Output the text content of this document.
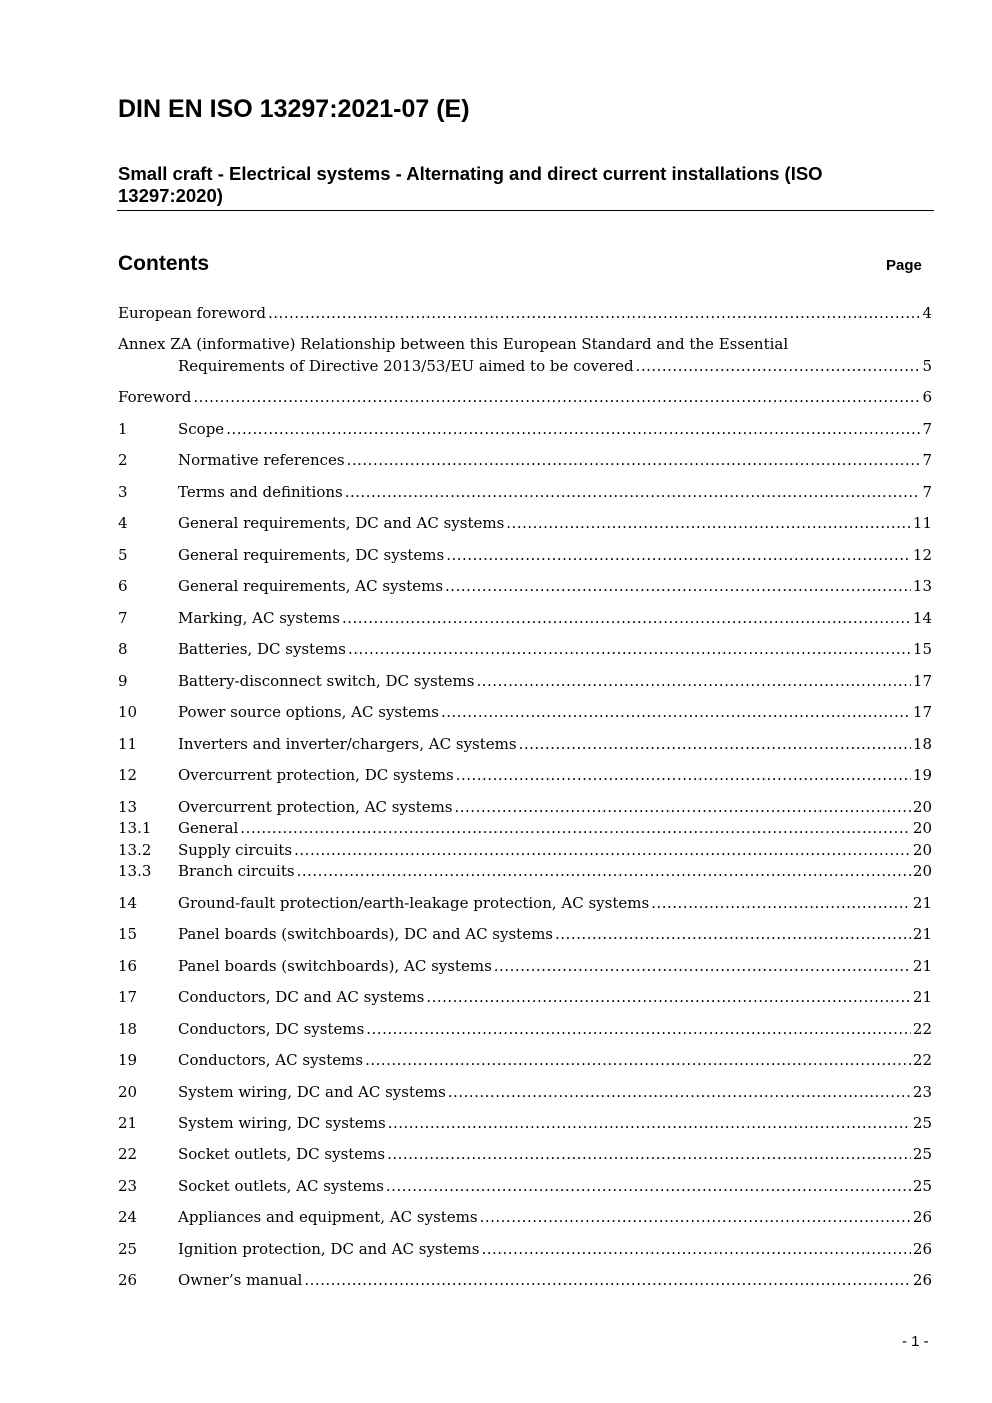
DIN EN ISO 13297:2021-07 (E)
Small craft - Electrical systems - Alternating and direct current installations (ISO 13297:2020)
Contents	Page
European foreword .....	4
Annex ZA (informative) Relationship between this European Standard and the Essential
Requirements of Directive 2013/53/EU aimed to be covered .....	5
Foreword .....	6
1	Scope .....	7
2	Normative references .....	7
3	Terms and definitions .....	7
4	General requirements, DC and AC systems .....	11
5	General requirements, DC systems .....	12
6	General requirements, AC systems .....	13
7	Marking, AC systems .....	14
8	Batteries, DC systems .....	15
9	Battery-disconnect switch, DC systems .....	17
10	Power source options, AC systems .....	17
11	Inverters and inverter/chargers, AC systems .....	18
12	Overcurrent protection, DC systems .....	19
13	Overcurrent protection, AC systems .....	20
13.1 General .....	20
13.2 Supply circuits .....	20
13.3 Branch circuits .....	20
14	Ground-fault protection/earth-leakage protection, AC systems .....	21
15	Panel boards (switchboards), DC and AC systems .....	21
16	Panel boards (switchboards), AC systems .....	21
17	Conductors, DC and AC systems .....	21
18	Conductors, DC systems .....	22
19	Conductors, AC systems .....	22
20	System wiring, DC and AC systems .....	23
21	System wiring, DC systems .....	25
22	Socket outlets, DC systems .....	25
23	Socket outlets, AC systems .....	25
24	Appliances and equipment, AC systems .....	26
25	Ignition protection, DC and AC systems .....	26
26	Owner’s manual .....	26
- 1 -
